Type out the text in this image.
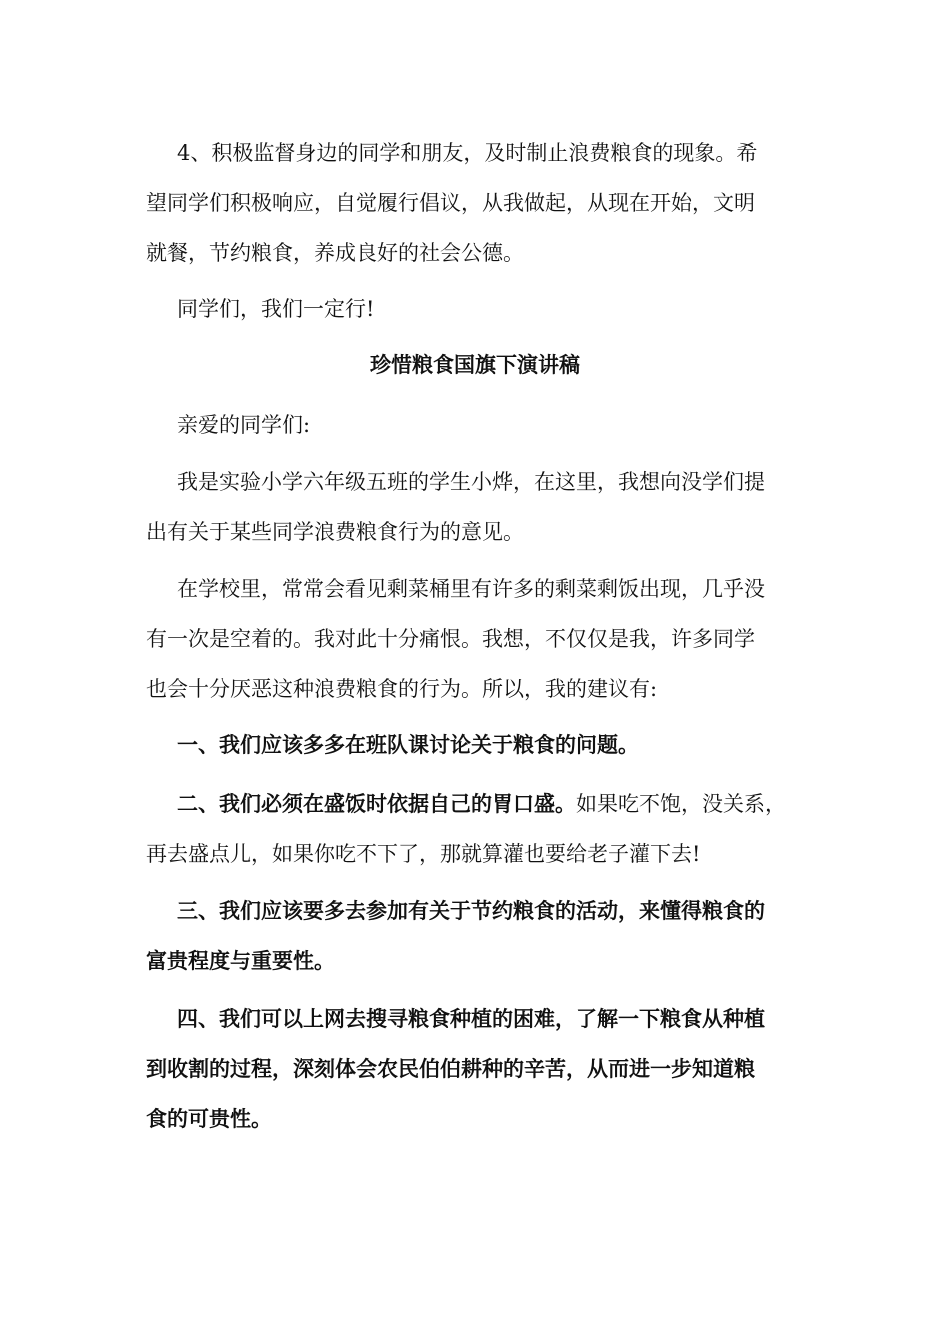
4、积极监督身边的同学和朋友，及时制止浪费粮食的现象。希
望同学们积极响应，自觉履行倡议，从我做起，从现在开始，文明
就餐，节约粮食，养成良好的社会公德。

同学们，我们一定行!

珍惜粮食国旗下演讲稿

亲爱的同学们:

我是实验小学六年级五班的学生小烨，在这里，我想向没学们提
出有关于某些同学浪费粮食行为的意见。

在学校里，常常会看见剩菜桶里有许多的剩菜剩饭出现，几乎没
有一次是空着的。我对此十分痛恨。我想，不仅仅是我，许多同学
也会十分厌恶这种浪费粮食的行为。所以，我的建议有:

一、我们应该多多在班队课讨论关于粮食的问题。

二、我们必须在盛饭时依据自己的胃口盛。如果吃不饱，没关系，
再去盛点儿，如果你吃不下了，那就算灌也要给老子灌下去!

三、我们应该要多去参加有关于节约粮食的活动，来懂得粮食的
富贵程度与重要性。

四、我们可以上网去搜寻粮食种植的困难，了解一下粮食从种植
到收割的过程，深刻体会农民伯伯耕种的辛苦，从而进一步知道粮
食的可贵性。
